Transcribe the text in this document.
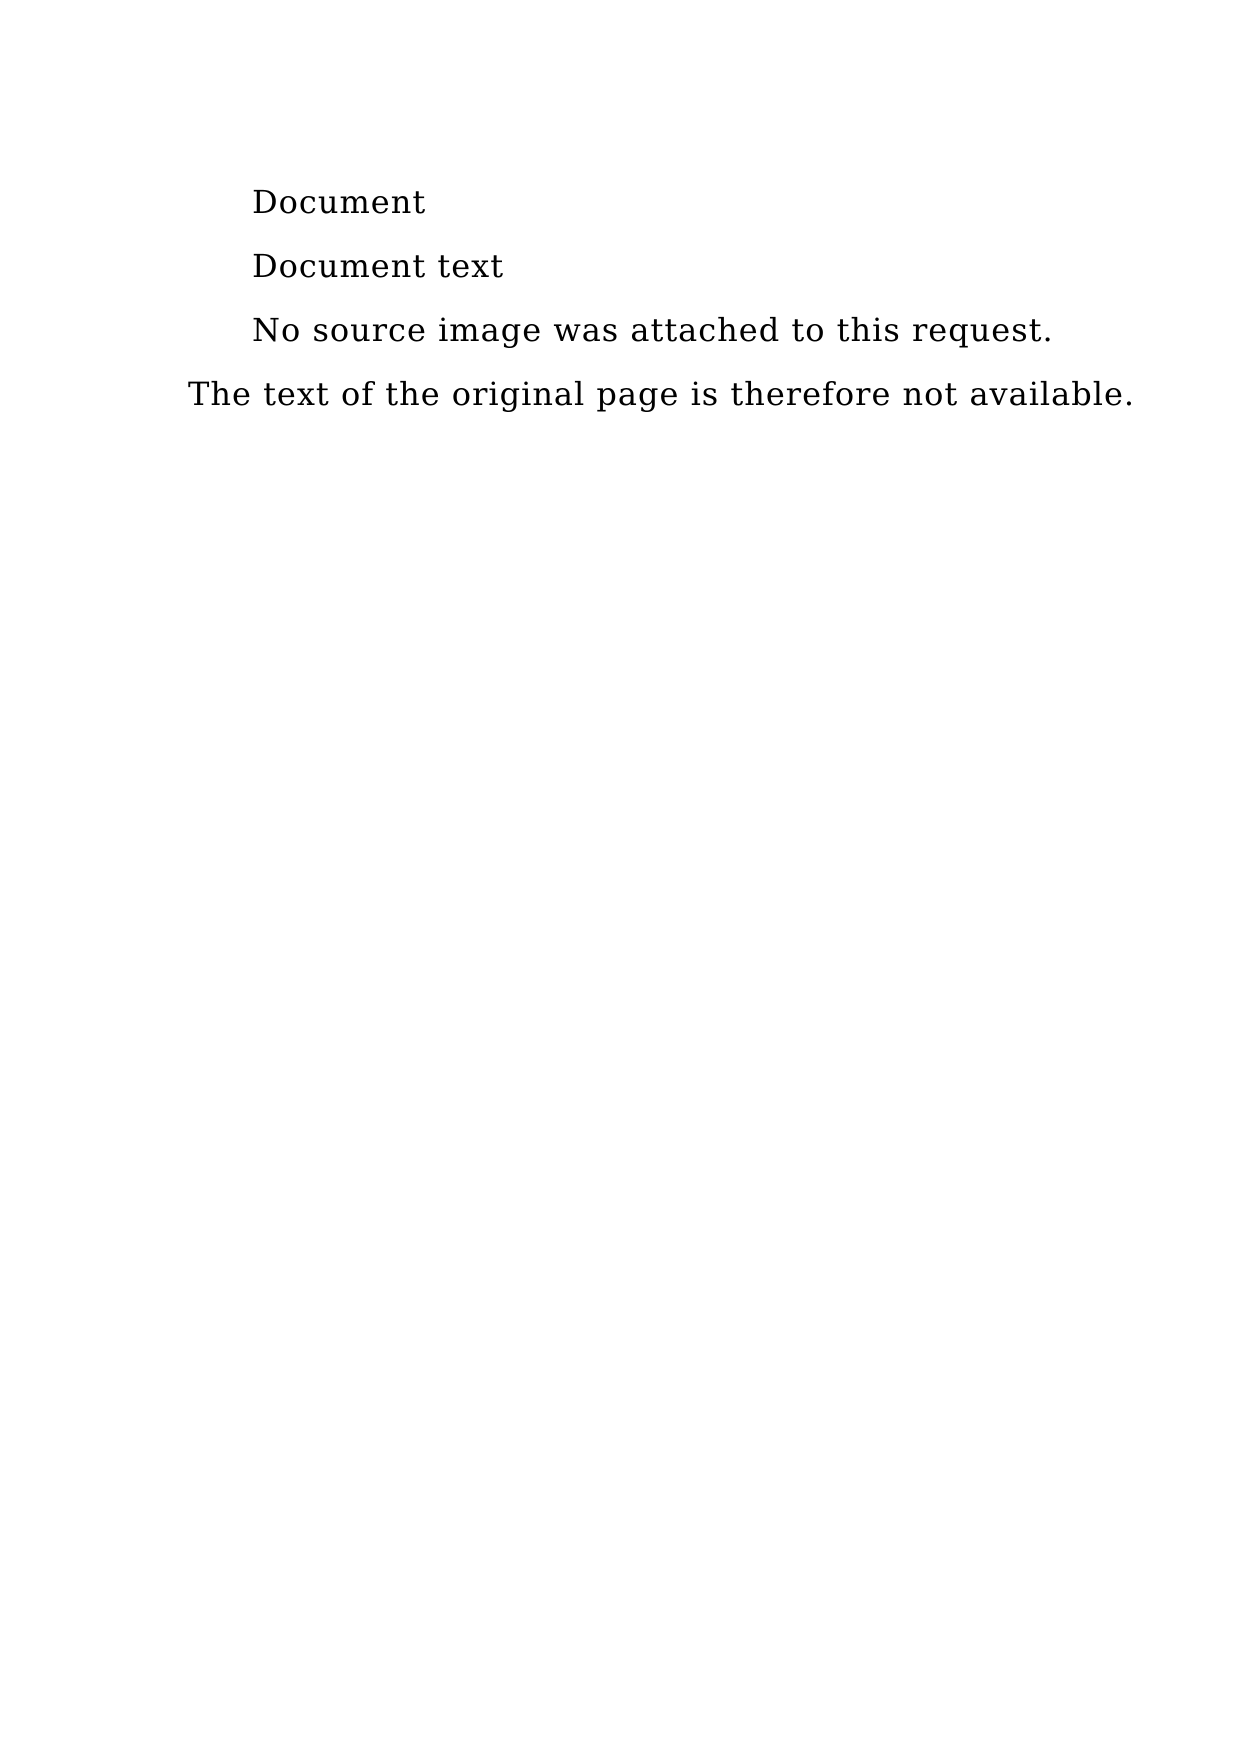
Document
Document text
No source image was attached to this request.
The text of the original page is therefore not available.
